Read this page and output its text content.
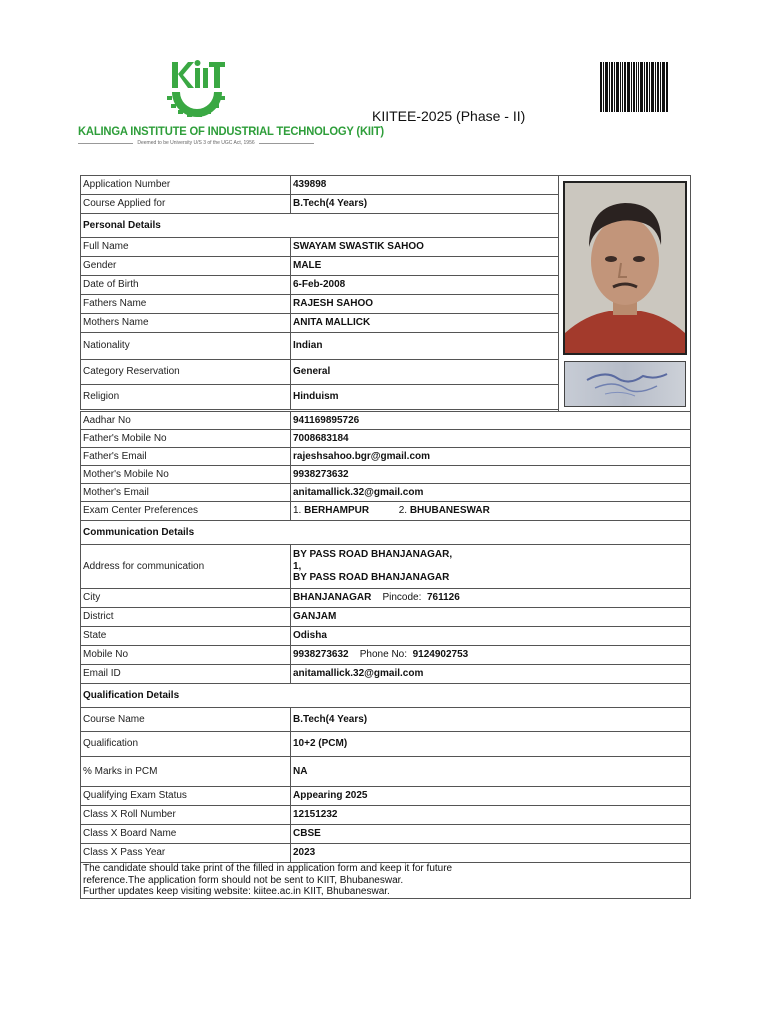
KALINGA INSTITUTE OF INDUSTRIAL TECHNOLOGY (KIIT)
Deemed to be University U/S 3 of the UGC Act, 1956
KIITEE-2025 (Phase - II)
Application Number	439898	

Course Applied for	B.Tech(4 Years)	
Personal Details		
Full Name	SWAYAM SWASTIK SAHOO	
Gender	MALE	
Date of Birth	6-Feb-2008	
Fathers Name	RAJESH SAHOO	
Mothers Name	ANITA MALLICK	
Nationality	Indian	
Category Reservation	General	
Religion	Hinduism	

Aadhar No	941169895726	
Father's Mobile No	7008683184	
Father's Email	rajeshsahoo.bgr@gmail.com	
Mother's Mobile No	9938273632	
Mother's Email	anitamallick.32@gmail.com	
Exam Center Preferences	1. BERHAMPUR 2. BHUBANESWAR	
Communication Details		
Address for communication	BY PASS ROAD BHANJANAGAR,
1,
BY PASS ROAD BHANJANAGAR	

City	BHANJANAGAR Pincode: 761126	
District	GANJAM	
State	Odisha	
Mobile No	9938273632 Phone No: 9124902753	
Email ID	anitamallick.32@gmail.com	
Qualification Details		
Course Name	B.Tech(4 Years)	
Qualification	10+2 (PCM)	
% Marks in PCM	NA	
Qualifying Exam Status	Appearing 2025	
Class X Roll Number	12151232	
Class X Board Name	CBSE	
Class X Pass Year	2023	

The candidate should take print of the filled in application form and keep it for future
reference.The application form should not be sent to KIIT, Bhubaneswar.
Further updates keep visiting website: kiitee.ac.in KIIT, Bhubaneswar.		
